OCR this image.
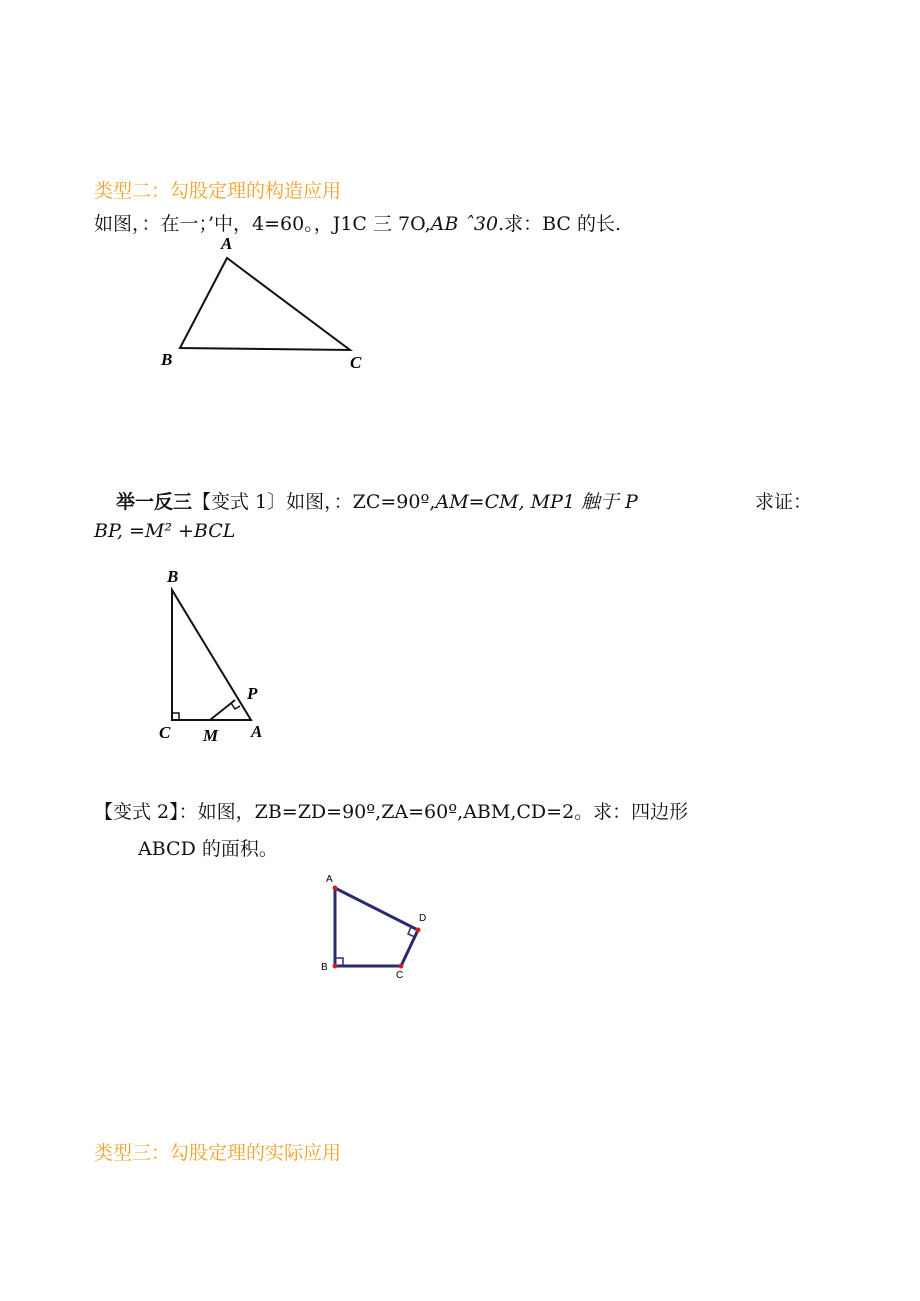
类型二：勾股定理的构造应用
如图，：在一；’中，4=60。，J1C 三 7O,AB ˆ30.求：BC 的长.
A
B	C
举一反三【变式 1〕如图，：ZC=90º,AM=CM, MP1 触于 P	求证：
BP, =M² +BCL
B
P
C M A
【变式 2】：如图，ZB=ZD=90º,ZA=60º,ABM,CD=2。求：四边形
ABCD 的面积。
A
B
C
D
类型三：勾股定理的实际应用
